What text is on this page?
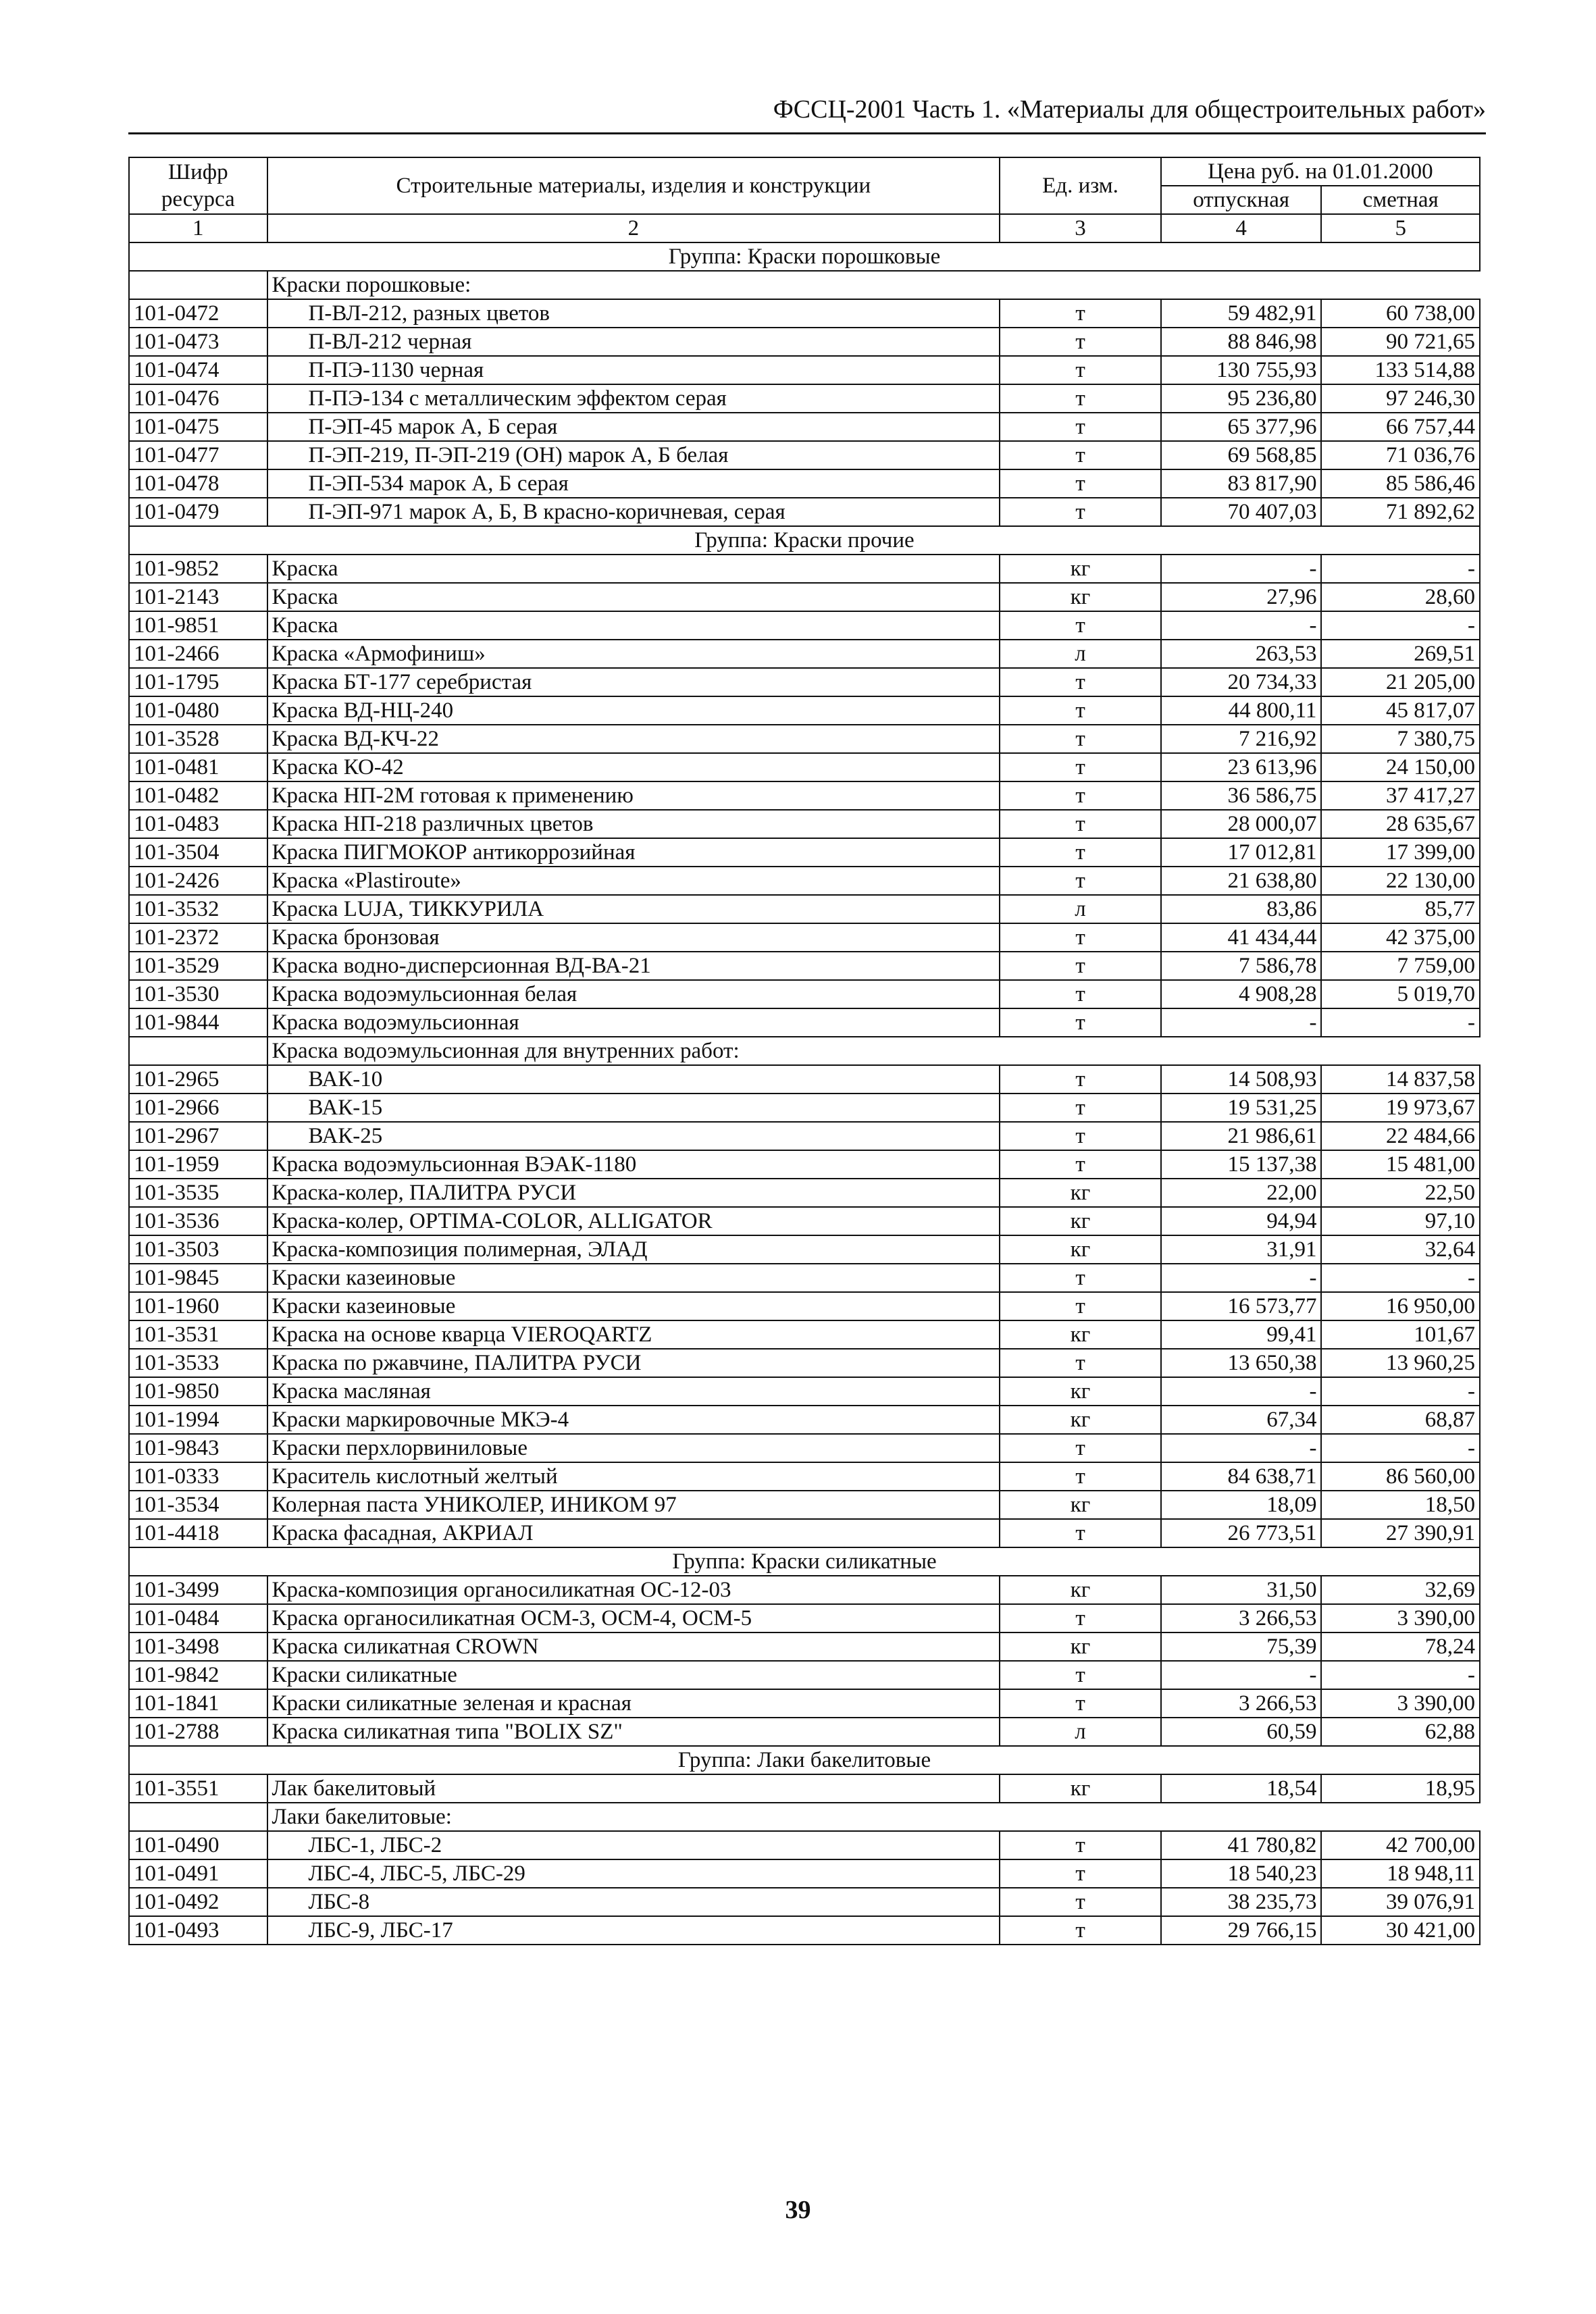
ФССЦ-2001 Часть 1. «Материалы для общестроительных работ»
Шифр ресурса	Строительные материалы, изделия и конструкции	Ед. изм.	Цена руб. на 01.01.2000	
			отпускная	сметная
1	2	3	4	5
Группа: Краски порошковые				
	Краски порошковые:			
101-0472	П-ВЛ-212, разных цветов	т	59 482,91	60 738,00
101-0473	П-ВЛ-212 черная	т	88 846,98	90 721,65
101-0474	П-ПЭ-1130 черная	т	130 755,93	133 514,88
101-0476	П-ПЭ-134 с металлическим эффектом серая	т	95 236,80	97 246,30
101-0475	П-ЭП-45 марок А, Б серая	т	65 377,96	66 757,44
101-0477	П-ЭП-219, П-ЭП-219 (ОН) марок А, Б белая	т	69 568,85	71 036,76
101-0478	П-ЭП-534 марок А, Б серая	т	83 817,90	85 586,46
101-0479	П-ЭП-971 марок А, Б, В красно-коричневая, серая	т	70 407,03	71 892,62
Группа: Краски прочие				
101-9852	Краска	кг	-	-
101-2143	Краска	кг	27,96	28,60
101-9851	Краска	т	-	-
101-2466	Краска «Армофиниш»	л	263,53	269,51
101-1795	Краска БТ-177 серебристая	т	20 734,33	21 205,00
101-0480	Краска ВД-НЦ-240	т	44 800,11	45 817,07
101-3528	Краска ВД-КЧ-22	т	7 216,92	7 380,75
101-0481	Краска КО-42	т	23 613,96	24 150,00
101-0482	Краска НП-2М готовая к применению	т	36 586,75	37 417,27
101-0483	Краска НП-218 различных цветов	т	28 000,07	28 635,67
101-3504	Краска ПИГМОКОР антикоррозийная	т	17 012,81	17 399,00
101-2426	Краска «Plastiroute»	т	21 638,80	22 130,00
101-3532	Краска LUJA, ТИККУРИЛА	л	83,86	85,77
101-2372	Краска бронзовая	т	41 434,44	42 375,00
101-3529	Краска водно-дисперсионная ВД-ВА-21	т	7 586,78	7 759,00
101-3530	Краска водоэмульсионная белая	т	4 908,28	5 019,70
101-9844	Краска водоэмульсионная	т	-	-
	Краска водоэмульсионная для внутренних работ:			
101-2965	ВАК-10	т	14 508,93	14 837,58
101-2966	ВАК-15	т	19 531,25	19 973,67
101-2967	ВАК-25	т	21 986,61	22 484,66
101-1959	Краска водоэмульсионная ВЭАК-1180	т	15 137,38	15 481,00
101-3535	Краска-колер, ПАЛИТРА РУСИ	кг	22,00	22,50
101-3536	Краска-колер, OPTIMA-COLOR, ALLIGATOR	кг	94,94	97,10
101-3503	Краска-композиция полимерная, ЭЛАД	кг	31,91	32,64
101-9845	Краски казеиновые	т	-	-
101-1960	Краски казеиновые	т	16 573,77	16 950,00
101-3531	Краска на основе кварца VIEROQARTZ	кг	99,41	101,67
101-3533	Краска по ржавчине, ПАЛИТРА РУСИ	т	13 650,38	13 960,25
101-9850	Краска масляная	кг	-	-
101-1994	Краски маркировочные МКЭ-4	кг	67,34	68,87
101-9843	Краски перхлорвиниловые	т	-	-
101-0333	Краситель кислотный желтый	т	84 638,71	86 560,00
101-3534	Колерная паста УНИКОЛЕР, ИНИКОМ 97	кг	18,09	18,50
101-4418	Краска фасадная, АКРИАЛ	т	26 773,51	27 390,91
Группа: Краски силикатные				
101-3499	Краска-композиция органосиликатная ОС-12-03	кг	31,50	32,69
101-0484	Краска органосиликатная ОСМ-3, ОСМ-4, ОСМ-5	т	3 266,53	3 390,00
101-3498	Краска силикатная CROWN	кг	75,39	78,24
101-9842	Краски силикатные	т	-	-
101-1841	Краски силикатные зеленая и красная	т	3 266,53	3 390,00
101-2788	Краска силикатная типа "BOLIX SZ"	л	60,59	62,88
Группа: Лаки бакелитовые				
101-3551	Лак бакелитовый	кг	18,54	18,95
	Лаки бакелитовые:			
101-0490	ЛБС-1, ЛБС-2	т	41 780,82	42 700,00
101-0491	ЛБС-4, ЛБС-5, ЛБС-29	т	18 540,23	18 948,11
101-0492	ЛБС-8	т	38 235,73	39 076,91
101-0493	ЛБС-9, ЛБС-17	т	29 766,15	30 421,00
39
